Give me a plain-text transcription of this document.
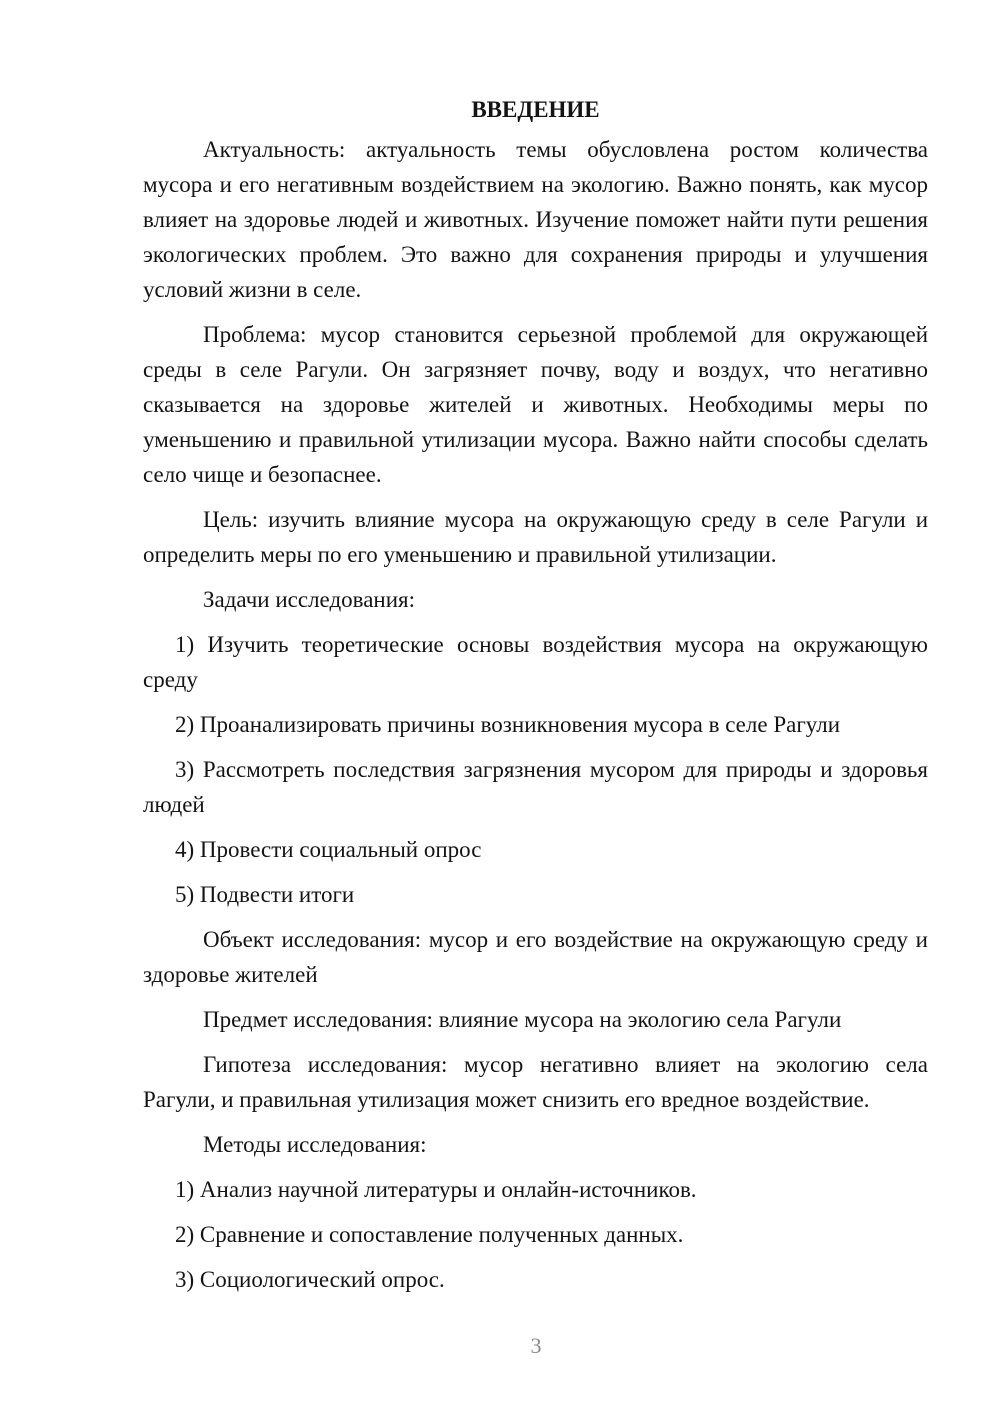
ВВЕДЕНИЕ
Актуальность: актуальность темы обусловлена ростом количества мусора и его негативным воздействием на экологию. Важно понять, как мусор влияет на здоровье людей и животных. Изучение поможет найти пути решения экологических проблем. Это важно для сохранения природы и улучшения условий жизни в селе.
Проблема: мусор становится серьезной проблемой для окружающей среды в селе Рагули. Он загрязняет почву, воду и воздух, что негативно сказывается на здоровье жителей и животных. Необходимы меры по уменьшению и правильной утилизации мусора. Важно найти способы сделать село чище и безопаснее.
Цель: изучить влияние мусора на окружающую среду в селе Рагули и определить меры по его уменьшению и правильной утилизации.
Задачи исследования:
1) Изучить теоретические основы воздействия мусора на окружающую среду
2) Проанализировать причины возникновения мусора в селе Рагули
3) Рассмотреть последствия загрязнения мусором для природы и здоровья людей
4) Провести социальный опрос
5) Подвести итоги
Объект исследования: мусор и его воздействие на окружающую среду и здоровье жителей
Предмет исследования: влияние мусора на экологию села Рагули
Гипотеза исследования: мусор негативно влияет на экологию села Рагули, и правильная утилизация может снизить его вредное воздействие.
Методы исследования:
1) Анализ научной литературы и онлайн-источников.
2) Сравнение и сопоставление полученных данных.
3) Социологический опрос.
3
